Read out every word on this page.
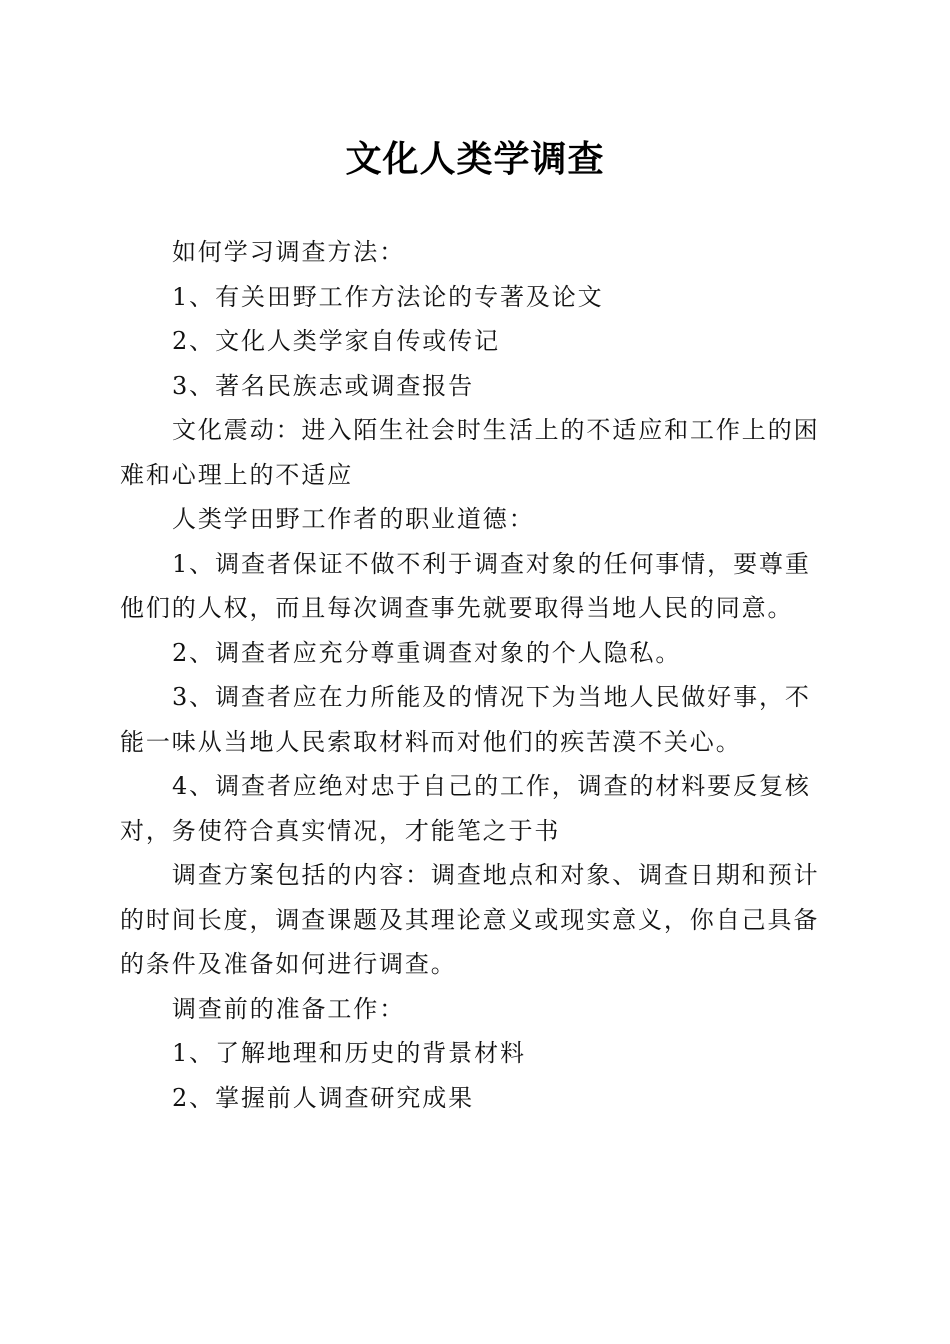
文化人类学调查

如何学习调查方法：

1、有关田野工作方法论的专著及论文

2、文化人类学家自传或传记

3、著名民族志或调查报告

文化震动：进入陌生社会时生活上的不适应和工作上的困难和心理上的不适应

人类学田野工作者的职业道德：

1、调查者保证不做不利于调查对象的任何事情，要尊重他们的人权，而且每次调查事先就要取得当地人民的同意。

2、调查者应充分尊重调查对象的个人隐私。

3、调查者应在力所能及的情况下为当地人民做好事，不能一味从当地人民索取材料而对他们的疾苦漠不关心。

4、调查者应绝对忠于自己的工作，调查的材料要反复核对，务使符合真实情况，才能笔之于书

调查方案包括的内容：调查地点和对象、调查日期和预计的时间长度，调查课题及其理论意义或现实意义，你自己具备的条件及准备如何进行调查。

调查前的准备工作：

1、了解地理和历史的背景材料

2、掌握前人调查研究成果
